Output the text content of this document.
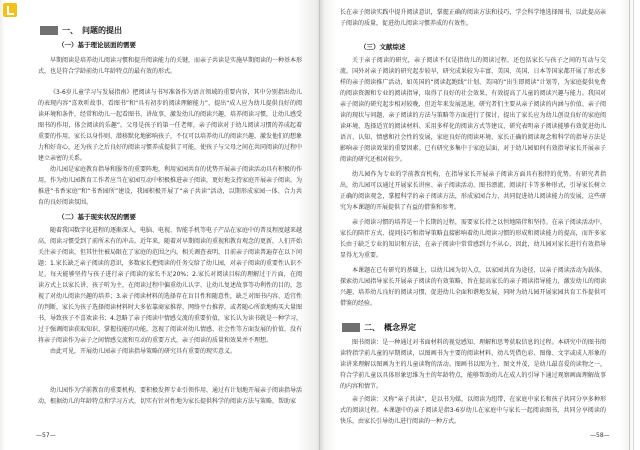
一、 问题的提出
（一）基于理论层面的需要

早期阅读是培养幼儿阅读习惯和提升阅读能力的关键，而亲子共读是实施早期阅读的一种基本形式，也是符合学龄前幼儿年龄特点的最有效的形式。

《3-6岁儿童学习与发展指南》把阅读与书写准备作为语言领域的重要内容，其中分别指出幼儿的表现内容“喜欢听故事、看图书”和“具有初步的阅读理解能力”，提出“成人应为幼儿提供良好的阅读环境和条件，经常和幼儿一起看图书、讲故事，激发幼儿的阅读兴趣，培养阅读习惯，让幼儿感受图书的作用，体会阅读的乐趣”。父母是孩子的第一任老师，亲子阅读对于幼儿阅读习惯的养成起着重要的作用，家长以身作则、潜移默化地影响孩子，不仅可以培养幼儿的阅读兴趣、激发他们的想象力和好奇心，还为孩子之后良好的阅读习惯养成提供了可能，使孩子与父母之间在共同阅读的过程中建立亲密的关系。

幼儿园是家庭教育指导和服务的重要阵地，利用家园共育的优势开展亲子阅读活动具有积极的作用，作为幼儿园教育工作者应当在家园互动中积极推进亲子阅读，更好地支持家庭开展亲子阅读。为推进“书香家庭”和“书香园所”建设，我园积极开展了“亲子共读”活动，以期形成家园一体、合力共育的良好阅读氛围。

（二）基于现实状况的需要

随着我国数字化进程的逐渐深入，电脑、电视、智能手机等电子产品在家庭中的普及程度越来越高，阅读习惯受到了前所未有的冲击。近年来，随着对早期阅读的重视和教育观念的更新，人们开始关注亲子阅读，但其往往被局限在了家庭的范围之内。相关调查表明，目前亲子阅读普遍存在以下问题：1.家长缺乏亲子阅读的意识，多数家长把阅读的任务交给了幼儿园，对亲子阅读的重要性认识不足，每天能够坚持与孩子进行亲子阅读的家长不足20%；2.家长对阅读目标的理解过于片面，在阅读方式上以家长讲、孩子听为主，在阅读过程中偏重幼儿认字、让幼儿复述故事等功利性的目的，忽视了对幼儿阅读兴趣的培养；3.亲子阅读材料的选择存在盲目性和随意性，缺乏对图书内容、适宜性的判断，家长为孩子选择阅读材料时大多依靠商家推荐、网络平台推荐，或者随心所欲地购买大量图书，导致孩子不喜欢读书；4.忽略了亲子阅读中情感交流的重要价值，家长认为读书就是一种学习，过于强调阅读获取知识、掌握技能的功能，忽视了阅读对幼儿情感、社会性等方面发展的价值，没有将亲子阅读作为亲子之间情感交流和互动的重要方式，亲子阅读的质量和效果并不理想。

由此可见，开展幼儿园亲子阅读指导策略的研究具有重要的现实意义。

幼儿园作为学前教育的重要机构，要积极发挥专业引领作用，通过有计划地开展亲子阅读指导活动，根据幼儿的年龄特点和学习方式，切实有针对性地为家长提供科学的阅读方法与策略，帮助家

—57—

长在亲子阅读实践中提升阅读意识，掌握正确的阅读方法和技巧，学会科学地选择图书，以此提高亲子阅读的质量，促进幼儿阅读习惯养成的有效性。

（三）文献综述

关于亲子阅读的研究，亲子阅读不仅是指幼儿的阅读过程，还包括家长与孩子之间的互动与交流。国外对亲子阅读的研究起步较早，研究成果较为丰富，美国、英国、日本等国家都开展了形式多样的亲子阅读推广活动，如英国的“阅读起跑线”计划、美国的“出生即阅读”计划等，为家庭提供免费的阅读资源和专业的阅读指导，取得了良好的社会效果，有效提高了儿童的阅读兴趣与能力。我国对亲子阅读的研究起步相对较晚，但近年来发展迅速，研究者们主要从亲子阅读的内涵与价值、亲子阅读的现状与问题、亲子阅读的方法与策略等方面进行了探讨，提出了家长应为幼儿创设良好的家庭阅读环境、选择适宜的阅读材料、采用多样化的阅读方式等建议，研究表明亲子阅读能够有效促进幼儿语言、认知、情感和社会性的发展，家庭良好的阅读环境、家长正确的阅读观念和科学的指导方法是影响亲子阅读效果的重要因素。已有研究多集中于家庭层面，对于幼儿园如何有效指导家长开展亲子阅读的研究还相对较少。

幼儿园作为专业的学前教育机构，在指导家长开展亲子阅读方面具有独特的优势。有研究者指出，幼儿园可以通过开展家长讲座、亲子阅读活动、图书漂流、阅读打卡等多种形式，引导家长树立正确的阅读观念，掌握科学的亲子阅读方法，形成家园合力，共同促进幼儿阅读能力的发展，这些研究为本课题的开展提供了有益的借鉴和参考。

亲子阅读习惯的培养是一个长期的过程，需要家长持之以恒地陪伴和坚持。在亲子阅读活动中，家长的陪伴方式、提问技巧和指导策略直接影响着幼儿阅读习惯的形成和阅读能力的提高，而许多家长由于缺乏专业的知识和方法，在亲子阅读中常常感到力不从心，因此，幼儿园对家长进行有效指导显得尤为重要。

本课题在已有研究的基础上，以幼儿园为切入点，以家园共育为途径，以亲子阅读活动为载体，探索幼儿园指导家长开展亲子阅读的有效策略，旨在提高家长的亲子阅读指导能力，激发幼儿的阅读兴趣，培养幼儿良好的阅读习惯，促进幼儿全面和谐地发展，同时为幼儿园开展家园共育工作提供可借鉴的经验。

二、 概念界定

图书阅读：是一种通过对书面材料的视觉感知、理解和思考获取信息的过程。本研究中的图书阅读特指学前儿童的早期阅读，以图画书为主要的阅读材料，幼儿凭借色彩、图像、文字或成人形象的读讲来理解以图画为主的儿童读物的活动。图画书以图为主、图文并茂，是幼儿最喜爱的读物之一，符合学前儿童以具体形象思维为主的年龄特点，能够帮助幼儿在成人的引导下通过观察画面理解故事的内容和情节。

亲子阅读：又称“亲子共读”，是以书为媒，以阅读为纽带，在家庭中家长和孩子共同分享多种形式的阅读过程。本课题中的亲子阅读是指3-6岁幼儿在家庭中与家长一起阅读图书，共同分享阅读的快乐，由家长引导幼儿进行阅读的一种方式。

—58—
